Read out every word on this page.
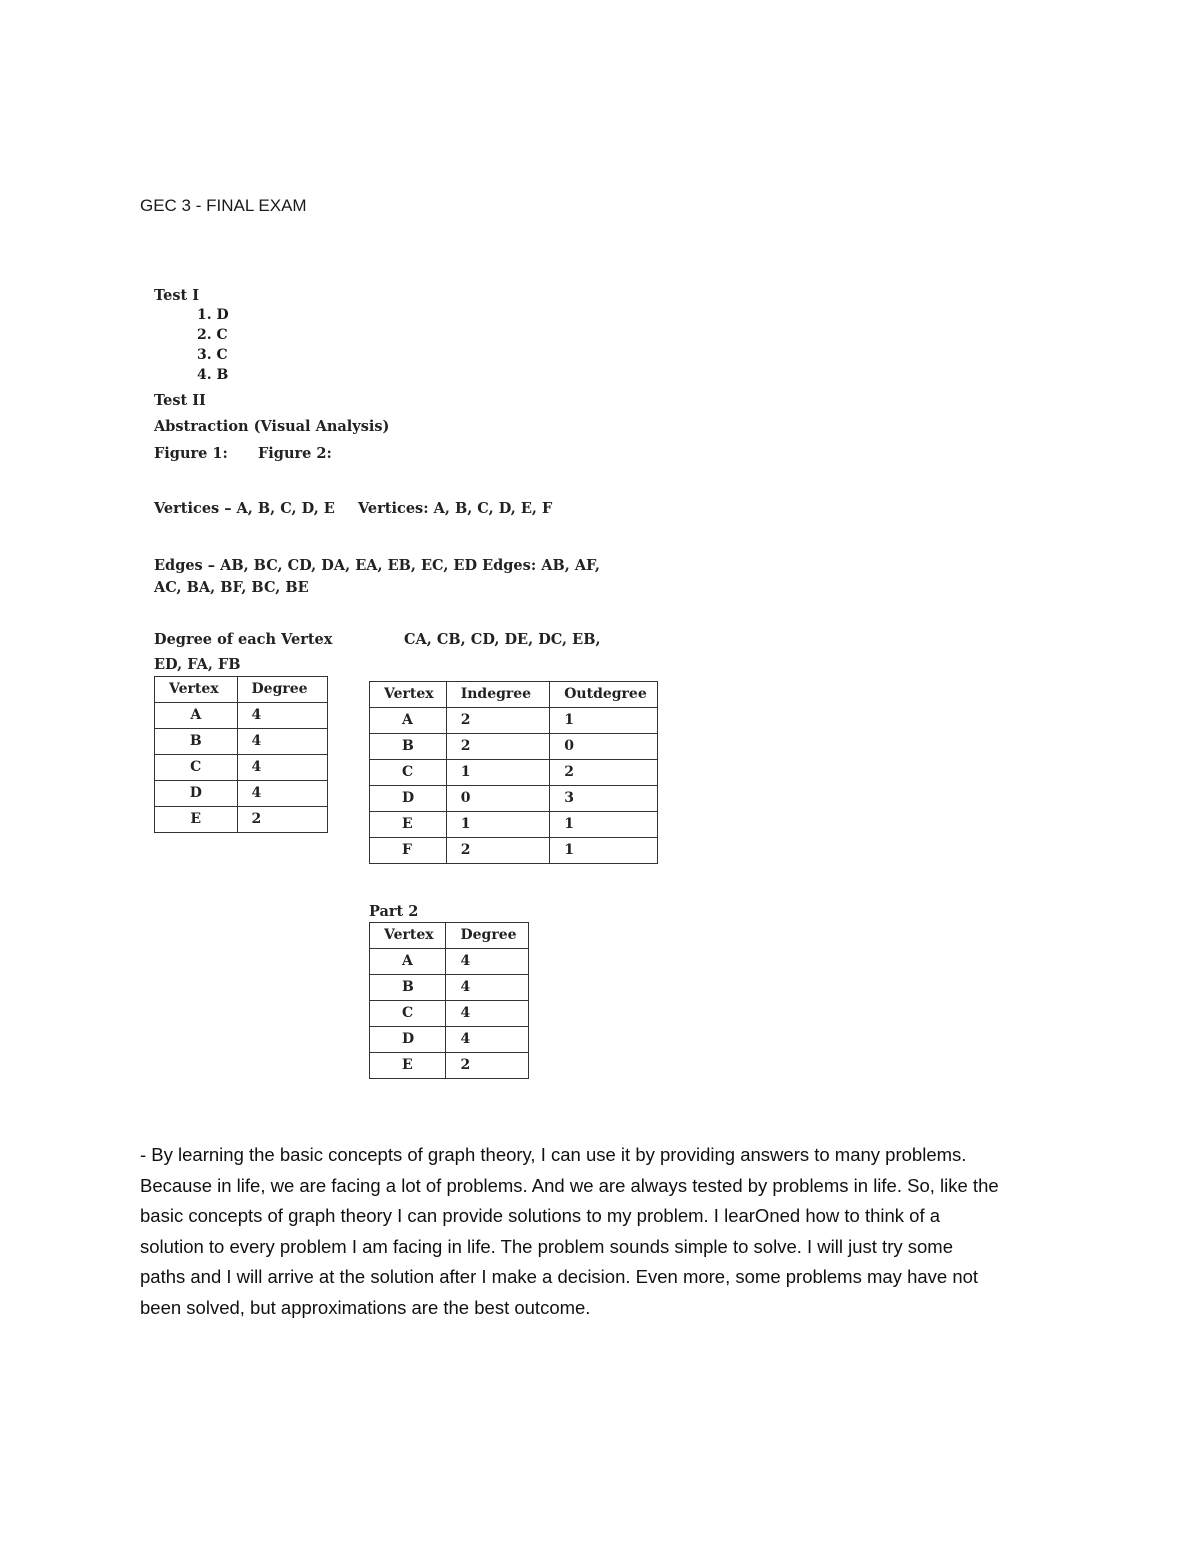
GEC 3 - FINAL EXAM
Test I
1. D
2. C
3. C
4. B
Test II
Abstraction (Visual Analysis)
Figure 1: Figure 2:
Vertices – A, B, C, D, E Vertices: A, B, C, D, E, F
Edges – AB, BC, CD, DA, EA, EB, EC, ED Edges: AB, AF,
AC, BA, BF, BC, BE
Degree of each Vertex	CA, CB, CD, DE, DC, EB,
ED, FA, FB
Vertex	Degree
A	4
B	4
C	4
D	4
E	2
Vertex	Indegree	Outdegree
A	2	1
B	2	0
C	1	2
D	0	3
E	1	1
F	2	1
Part 2
Vertex	Degree
A	4
B	4
C	4
D	4
E	2

- By learning the basic concepts of graph theory, I can use it by providing answers to many problems.

Because in life, we are facing a lot of problems. And we are always tested by problems in life. So, like the

basic concepts of graph theory I can provide solutions to my problem. I learOned how to think of a

solution to every problem I am facing in life. The problem sounds simple to solve. I will just try some

paths and I will arrive at the solution after I make a decision. Even more, some problems may have not

been solved, but approximations are the best outcome.
